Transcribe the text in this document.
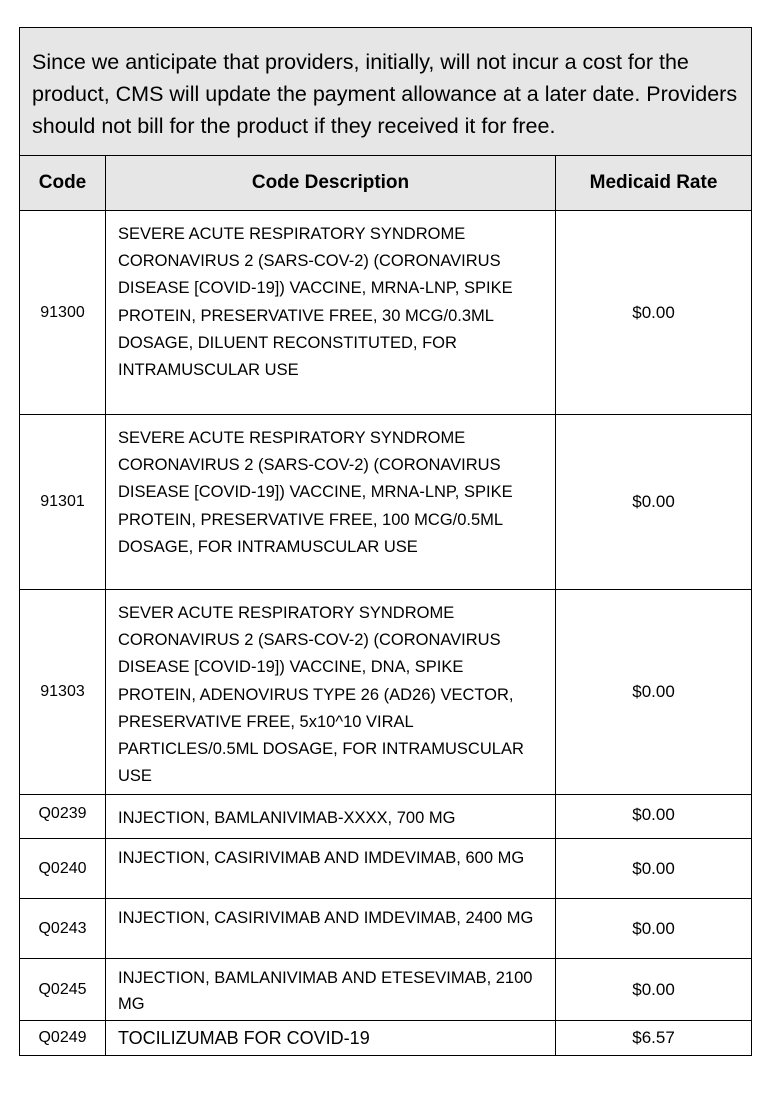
Since we anticipate that providers, initially, will not incur a cost for the product, CMS will update the payment allowance at a later date. Providers should not bill for the product if they received it for free.		
Code	Code Description	Medicaid Rate
91300	SEVERE ACUTE RESPIRATORY SYNDROME CORONAVIRUS 2 (SARS-COV-2) (CORONAVIRUS DISEASE [COVID-19]) VACCINE, MRNA-LNP, SPIKE PROTEIN, PRESERVATIVE FREE, 30 MCG/0.3ML DOSAGE, DILUENT RECONSTITUTED, FOR INTRAMUSCULAR USE	$0.00
91301	SEVERE ACUTE RESPIRATORY SYNDROME CORONAVIRUS 2 (SARS-COV-2) (CORONAVIRUS DISEASE [COVID-19]) VACCINE, MRNA-LNP, SPIKE PROTEIN, PRESERVATIVE FREE, 100 MCG/0.5ML DOSAGE, FOR INTRAMUSCULAR USE	$0.00
91303	SEVER ACUTE RESPIRATORY SYNDROME CORONAVIRUS 2 (SARS-COV-2) (CORONAVIRUS DISEASE [COVID-19]) VACCINE, DNA, SPIKE PROTEIN, ADENOVIRUS TYPE 26 (AD26) VECTOR, PRESERVATIVE FREE, 5x10^10 VIRAL PARTICLES/0.5ML DOSAGE, FOR INTRAMUSCULAR USE	$0.00
Q0239	INJECTION, BAMLANIVIMAB-XXXX, 700 MG	$0.00
Q0240	INJECTION, CASIRIVIMAB AND IMDEVIMAB, 600 MG	$0.00
Q0243	INJECTION, CASIRIVIMAB AND IMDEVIMAB, 2400 MG	$0.00
Q0245	INJECTION, BAMLANIVIMAB AND ETESEVIMAB, 2100 MG	$0.00
Q0249	TOCILIZUMAB FOR COVID-19	$6.57
